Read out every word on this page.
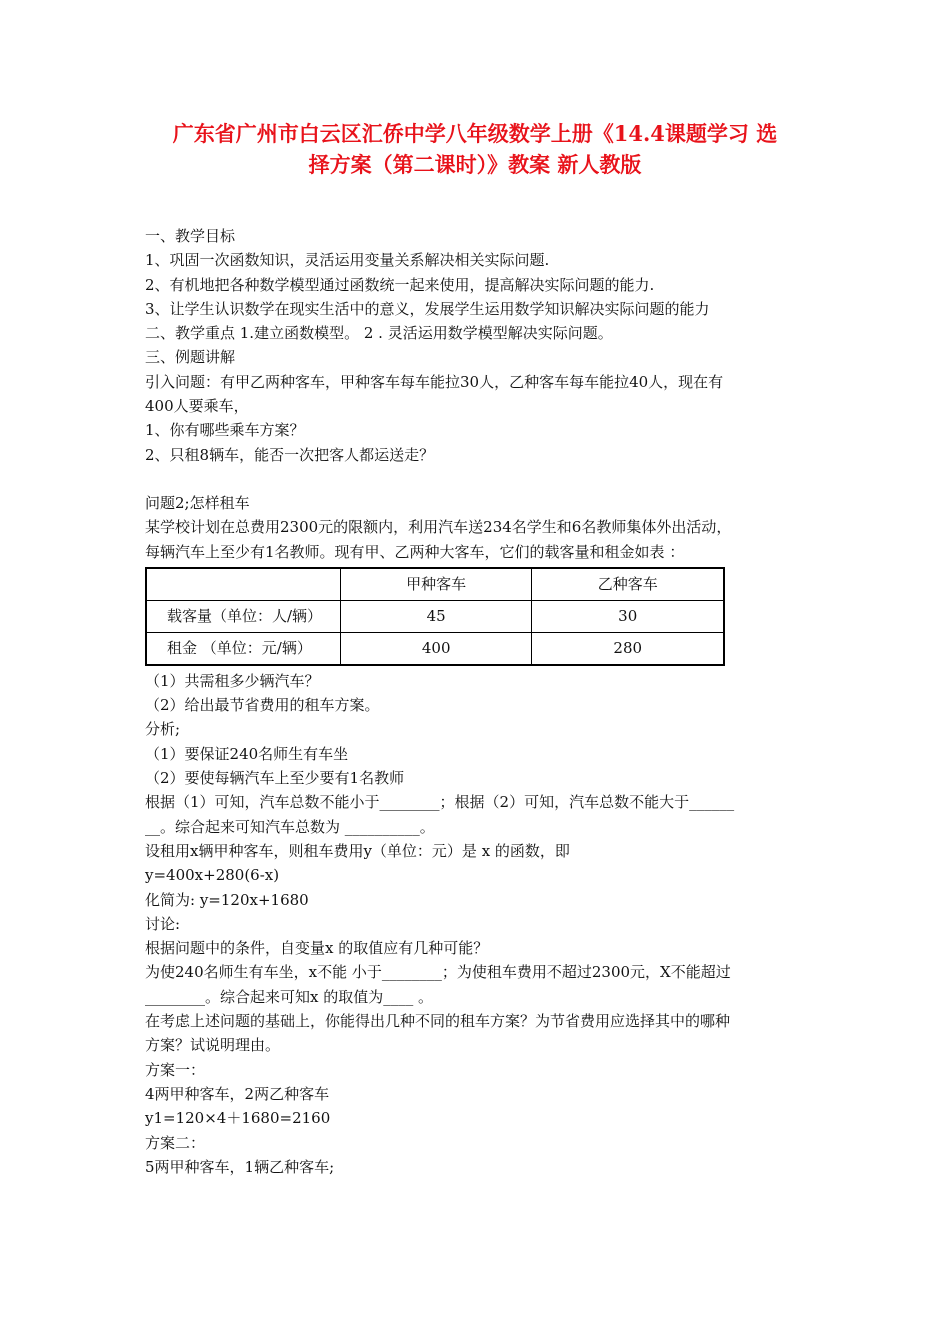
广东省广州市白云区汇侨中学八年级数学上册《14.4课题学习 选
择方案（第二课时）》教案 新人教版

一、教学目标

1、巩固一次函数知识，灵活运用变量关系解决相关实际问题.

2、有机地把各种数学模型通过函数统一起来使用，提高解决实际问题的能力.

3、让学生认识数学在现实生活中的意义，发展学生运用数学知识解决实际问题的能力

二、教学重点 1.建立函数模型。 2 . 灵活运用数学模型解决实际问题。

三、例题讲解

引入问题：有甲乙两种客车，甲种客车每车能拉30人，乙种客车每车能拉40人，现在有

400人要乘车，

1、你有哪些乘车方案？

2、只租8辆车，能否一次把客人都运送走？

问题2;怎样租车

某学校计划在总费用2300元的限额内，利用汽车送234名学生和6名教师集体外出活动，

每辆汽车上至少有1名教师。现有甲、乙两种大客车，它们的载客量和租金如表 ：

	甲种客车	乙种客车
载客量（单位：人/辆）	45	30
租金 （单位：元/辆）	400	280

（1）共需租多少辆汽车？

（2）给出最节省费用的租车方案。

分析;

（1）要保证240名师生有车坐

（2）要使每辆汽车上至少要有1名教师

根据（1）可知，汽车总数不能小于________；根据（2）可知，汽车总数不能大于______

__。综合起来可知汽车总数为 __________。

设租用x辆甲种客车，则租车费用y（单位：元）是 x 的函数，即

y=400x+280(6-x)

化简为: y=120x+1680

讨论:

根据问题中的条件，自变量x 的取值应有几种可能？

为使240名师生有车坐，x不能 小于________；为使租车费用不超过2300元，X不能超过

________。综合起来可知x 的取值为____ 。

在考虑上述问题的基础上，你能得出几种不同的租车方案？为节省费用应选择其中的哪种

方案？试说明理由。

方案一：

4两甲种客车，2两乙种客车

y1=120×4＋1680=2160

方案二：

5两甲种客车，1辆乙种客车;
